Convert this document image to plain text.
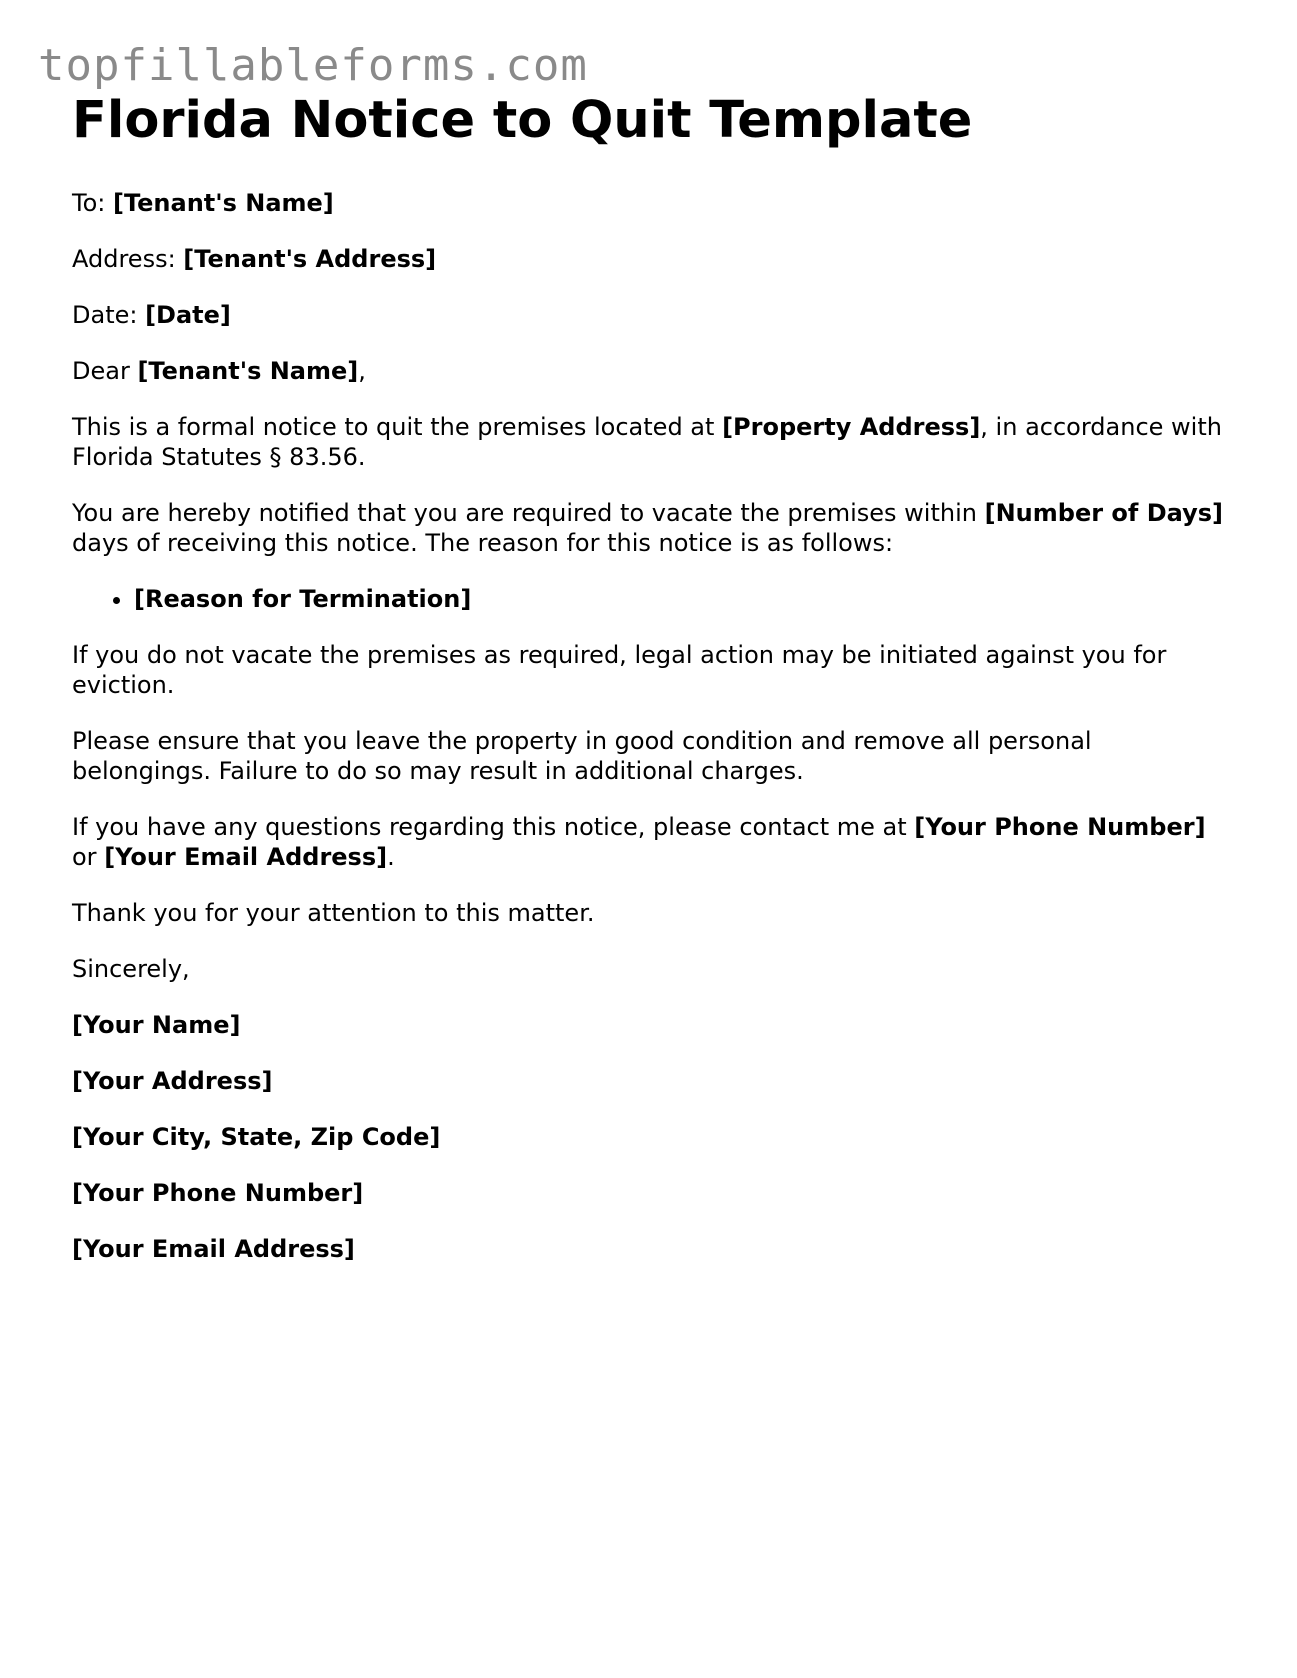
topfillableforms.com
Florida Notice to Quit Template

To: [Tenant's Name]

Address: [Tenant's Address]

Date: [Date]

Dear [Tenant's Name],

This is a formal notice to quit the premises located at [Property Address], in accordance with Florida Statutes § 83.56.

You are hereby notified that you are required to vacate the premises within [Number of Days] days of receiving this notice. The reason for this notice is as follows:

• [Reason for Termination]

If you do not vacate the premises as required, legal action may be initiated against you for eviction.

Please ensure that you leave the property in good condition and remove all personal belongings. Failure to do so may result in additional charges.

If you have any questions regarding this notice, please contact me at [Your Phone Number] or [Your Email Address].

Thank you for your attention to this matter.

Sincerely,

[Your Name]

[Your Address]

[Your City, State, Zip Code]

[Your Phone Number]

[Your Email Address]
